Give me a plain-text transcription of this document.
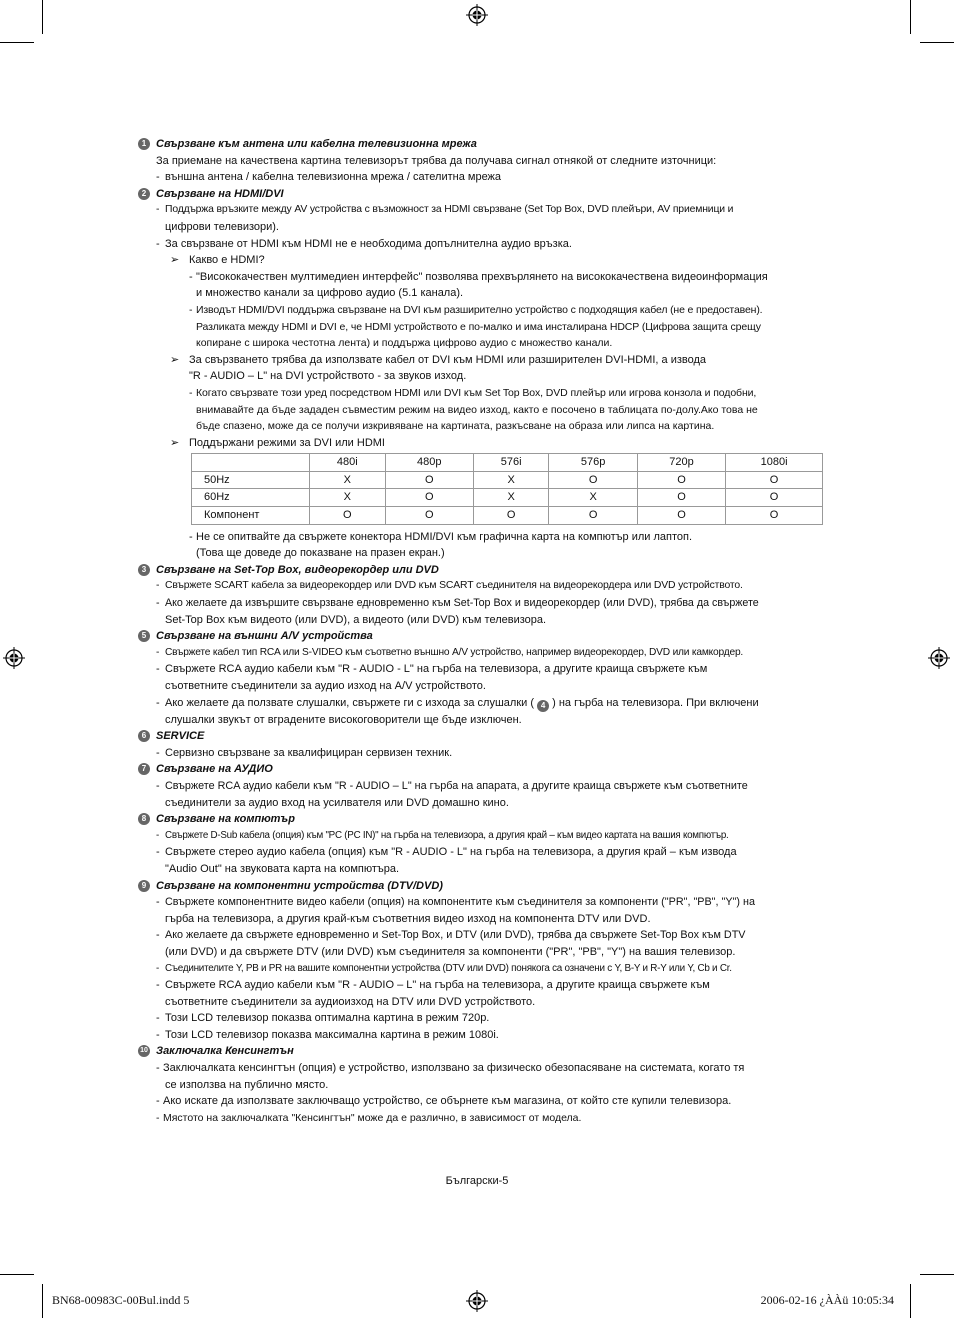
1 Свързване към антена или кабелна телевизионна мрежа
За приемане на качествена картина телевизорът трябва да получава сигнал отнякой от следните източници:
- външна антена / кабелна телевизионна мрежа / сателитна мрежа
2 Свързване на HDMI/DVI
- Поддържа връзките между AV устройства с възможност за HDMI свързване (Set Top Box, DVD плейъри, AV приемници и
цифрови телевизори).
- За свързване от HDMI към HDMI не е необходима допълнителна аудио връзка.
➢ Какво е HDMI?
- "Висококачествен мултимедиен интерфейс" позволява прехвърлянето на висококачествена видеоинформация
и множество канали за цифрово аудио (5.1 канала).
- Изводът HDMI/DVI поддържа свързване на DVI към разширително устройство с подходящия кабел (не е предоставен).
Разликата между HDMI и DVI е, че HDMI устройството е по-малко и има инсталирана HDCP (Цифрова защита срещу
копиране с широка честотна лента) и поддържа цифрово аудио с множество канали.
➢ За свързването трябва да използвате кабел от DVI към HDMI или разширителен DVI-HDMI, а извода
"R - AUDIO – L" на DVI устройството - за звуков изход.
- Когато свързвате този уред посредством HDMI или DVI към Set Top Box, DVD плейър или игрова конзола и подобни,
внимавайте да бъде зададен съвместим режим на видео изход, както е посочено в таблицата по-долу.Ако това не
бъде спазено, може да се получи изкривяване на картината, разкъсване на образа или липса на картина.
➢ Поддържани режими за DVI или HDMI
	480i	480p	576i	576p	720p	1080i
50Hz	X	O	X	O	O	O
60Hz	X	O	X	X	O	O
Компонент	O	O	O	O	O	O
- Не се опитвайте да свържете конектора HDMI/DVI към графична карта на компютър или лаптоп.
(Това ще доведе до показване на празен екран.)
3 Свързване на Set-Top Box, видеорекордер или DVD
- Свържете SCART кабела за видеорекордер или DVD към SCART съединителя на видеорекордера или DVD устройството.
- Ако желаете да извършите свързване едновременно към Set-Top Box и видеорекордер (или DVD), трябва да свържете
Set-Top Box към видеото (или DVD), а видеото (или DVD) към телевизора.
5 Свързване на външни A/V устройства
- Свържете кабел тип RCA или S-VIDEO към съответно външно A/V устройство, например видеорекордер, DVD или камкордер.
- Свържете RCA аудио кабели към "R - AUDIO - L" на гърба на телевизора, а другите краища свържете към
съответните съединители за аудио изход на A/V устройството.
- Ако желаете да ползвате слушалки, свържете ги с изхода за слушалки ( 4 ) на гърба на телевизора. При включени
слушалки звукът от вградените високоговорители ще бъде изключен.
6 SERVICE
- Сервизно свързване за квалифициран сервизен техник.
7 Свързване на АУДИО
- Свържете RCA аудио кабели към "R - AUDIO – L" на гърба на апарата, а другите краища свържете към съответните
съединители за аудио вход на усилвателя или DVD домашно кино.
8 Свързване на компютър
- Свържете D-Sub кабела (опция) към "PC (PC IN)" на гърба на телевизора, а другия край – към видео картата на вашия компютър.
- Свържете стерео аудио кабела (опция) към "R - AUDIO - L" на гърба на телевизора, а другия край – към извода
"Audio Out" на звуковата карта на компютъра.
9 Свързване на компонентни устройства (DTV/DVD)
- Свържете компонентните видео кабели (опция) на компонентите към съединителя за компоненти ("PR", "PB", "Y") на
гърба на телевизора, а другия край-към съответния видео изход на компонента DTV или DVD.
- Ако желаете да свържете едновременно и Set-Top Box, и DTV (или DVD), трябва да свържете Set-Top Box към DTV
(или DVD) и да свържете DTV (или DVD) към съединителя за компоненти ("PR", "PB", "Y") на вашия телевизор.
- Съединителите Y, PB и PR на вашите компонентни устройства (DTV или DVD) понякога са означени с Y, B-Y и R-Y или Y, Cb и Cr.
- Свържете RCA аудио кабели към "R - AUDIO – L" на гърба на телевизора, а другите краища свържете към
съответните съединители за аудиоизход на DTV или DVD устройството.
- Този LCD телевизор показва оптимална картина в режим 720p.
- Този LCD телевизор показва максимална картина в режим 1080i.
10 Заключалка Кенсингтън
- Заключалката кенсингтън (опция) е устройство, използвано за физическо обезопасяване на системата, когато тя
се използва на публично място.
- Ако искате да използвате заключващо устройство, се обърнете към магазина, от който сте купили телевизора.
- Мястото на заключалката "Кенсингтън" може да е различно, в зависимост от модела.
Български-5
BN68-00983C-00Bul.indd 5	2006-02-16 ¿ÀÀü 10:05:34
